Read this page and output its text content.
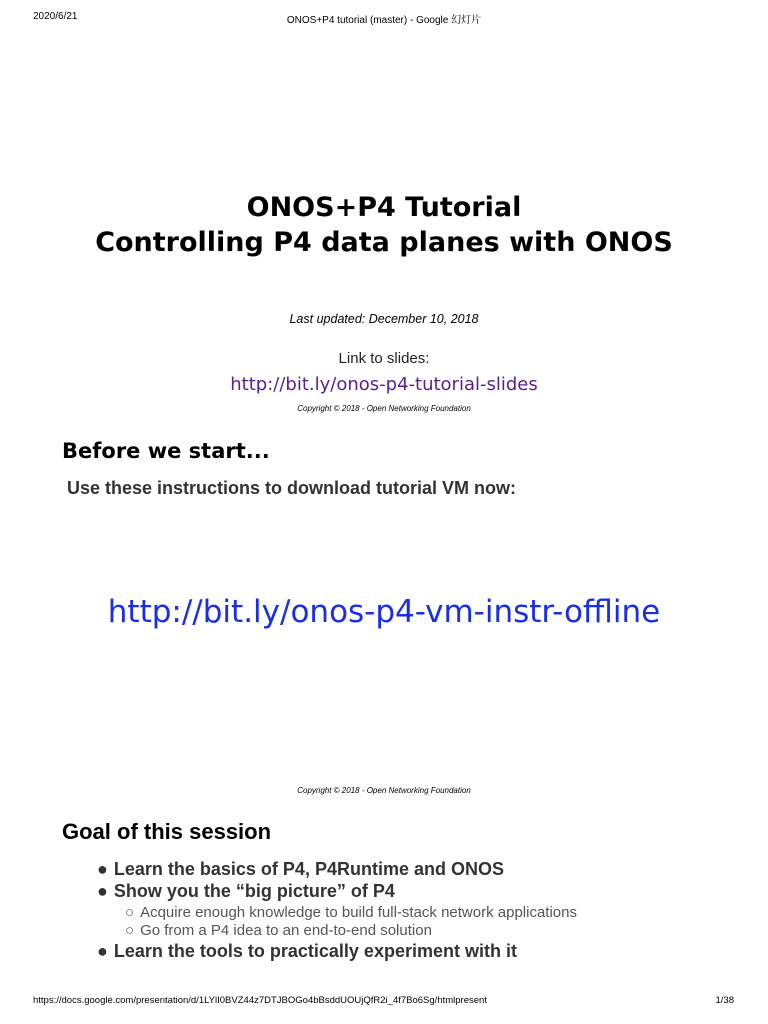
2020/6/21	ONOS+P4 tutorial (master) - Google 幻灯片
ONOS+P4 Tutorial
Controlling P4 data planes with ONOS
Last updated: December 10, 2018
Link to slides:
http://bit.ly/onos-p4-tutorial-slides
Copyright © 2018 - Open Networking Foundation
Before we start...
Use these instructions to download tutorial VM now:
http://bit.ly/onos-p4-vm-instr-offline
Copyright © 2018 - Open Networking Foundation
Goal of this session
● Learn the basics of P4, P4Runtime and ONOS
● Show you the “big picture” of P4
○ Acquire enough knowledge to build full-stack network applications
○ Go from a P4 idea to an end-to-end solution
● Learn the tools to practically experiment with it
https://docs.google.com/presentation/d/1LYlI0BVZ44z7DTJBOGo4bBsddUOUjQfR2i_4f7Bo6Sg/htmlpresent	1/38
